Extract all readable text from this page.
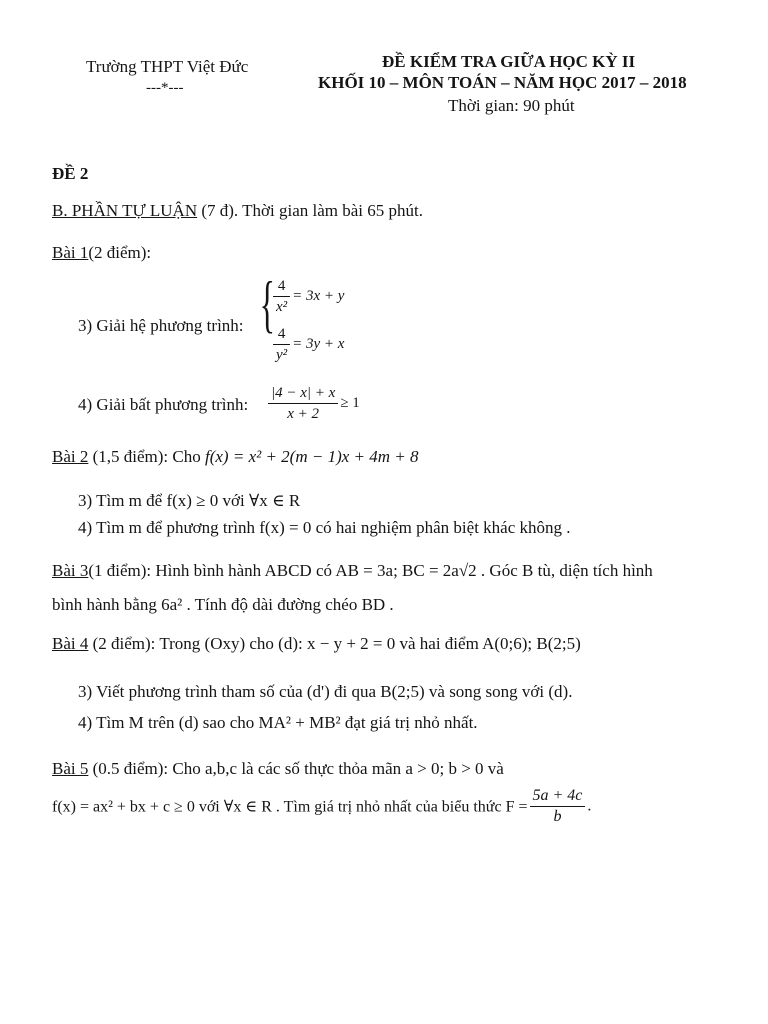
Trường THPT Việt Đức
---*---
ĐỀ KIỂM TRA GIỮA HỌC KỲ II
KHỐI 10 – MÔN TOÁN – NĂM HỌC 2017 – 2018
Thời gian: 90 phút
ĐỀ 2
B. PHẦN TỰ LUẬN (7 đ). Thời gian làm bài 65 phút.
Bài 1(2 điểm):
3) Giải hệ phương trình: {
$\frac{4}{\text{x²}} = 3x + y$
$\frac{4}{\text{y²}} = 3y + x$
4) Giải bất phương trình: $\frac{|4 - x| + x}{x + 2} \ge 1$
Bài 2 (1,5 điểm): Cho f(x) = x² + 2(m − 1)x + 4m + 8
3) Tìm m để f(x) ≥ 0 với ∀x ∈ R
4) Tìm m để phương trình f(x) = 0 có hai nghiệm phân biệt khác không .
Bài 3(1 điểm): Hình bình hành ABCD có AB = 3a; BC = 2a√2 . Góc B tù, diện tích hình
bình hành bằng 6a² . Tính độ dài đường chéo BD .
Bài 4 (2 điểm): Trong (Oxy) cho (d): x − y + 2 = 0 và hai điểm A(0;6); B(2;5)
3) Viết phương trình tham số của (d') đi qua B(2;5) và song song với (d).
4) Tìm M trên (d) sao cho MA² + MB² đạt giá trị nhỏ nhất.
Bài 5 (0.5 điểm): Cho a,b,c là các số thực thỏa mãn a > 0; b > 0 và
f(x) = ax² + bx + c ≥ 0 với ∀x ∈ R . Tìm giá trị nhỏ nhất của biểu thức $F = \frac{5a + 4c}{b}$ .
